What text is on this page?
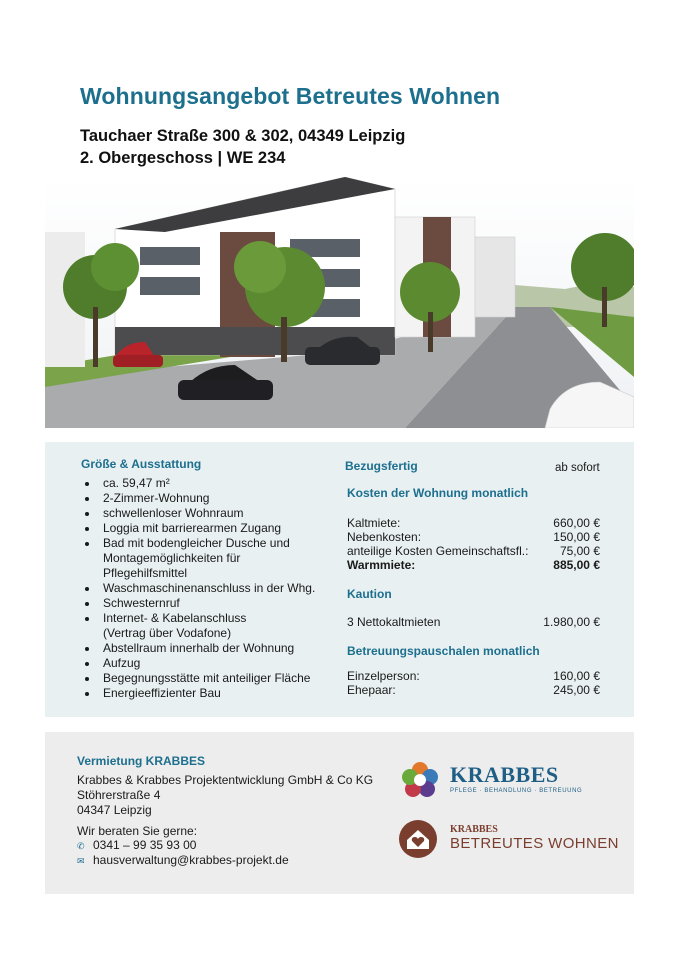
Wohnungsangebot Betreutes Wohnen

Tauchaer Straße 300 & 302, 04349 Leipzig

2. Obergeschoss | WE 234

Größe & Ausstattung
ca. 59,47 m²
2-Zimmer-Wohnung
schwellenloser Wohnraum
Loggia mit barrierearmen Zugang
Bad mit bodengleicher Dusche und
Montagemöglichkeiten für
Pflegehilfsmittel
Waschmaschinenanschluss in der Whg.
Schwesternruf
Internet- & Kabelanschluss
(Vertrag über Vodafone)
Abstellraum innerhalb der Wohnung
Aufzug
Begegnungsstätte mit anteiliger Fläche
Energieeffizienter Bau
Bezugsfertig	ab sofort
Kosten der Wohnung monatlich
Kaltmiete:	660,00 €
Nebenkosten:	150,00 €
anteilige Kosten Gemeinschaftsfl.:	75,00 €
Warmmiete:	885,00 €
Kaution
3 Nettokaltmieten	1.980,00 €
Betreuungspauschalen monatlich
Einzelperson:	160,00 €
Ehepaar:	245,00 €
Vermietung KRABBES
Krabbes & Krabbes Projektentwicklung GmbH & Co KG
Stöhrerstraße 4
04347 Leipzig
Wir beraten Sie gerne:
✆ 0341 – 99 35 93 00
✉ hausverwaltung@krabbes-projekt.de
KRABBES
PFLEGE · BEHANDLUNG · BETREUUNG
KRABBES
BETREUTES WOHNEN
